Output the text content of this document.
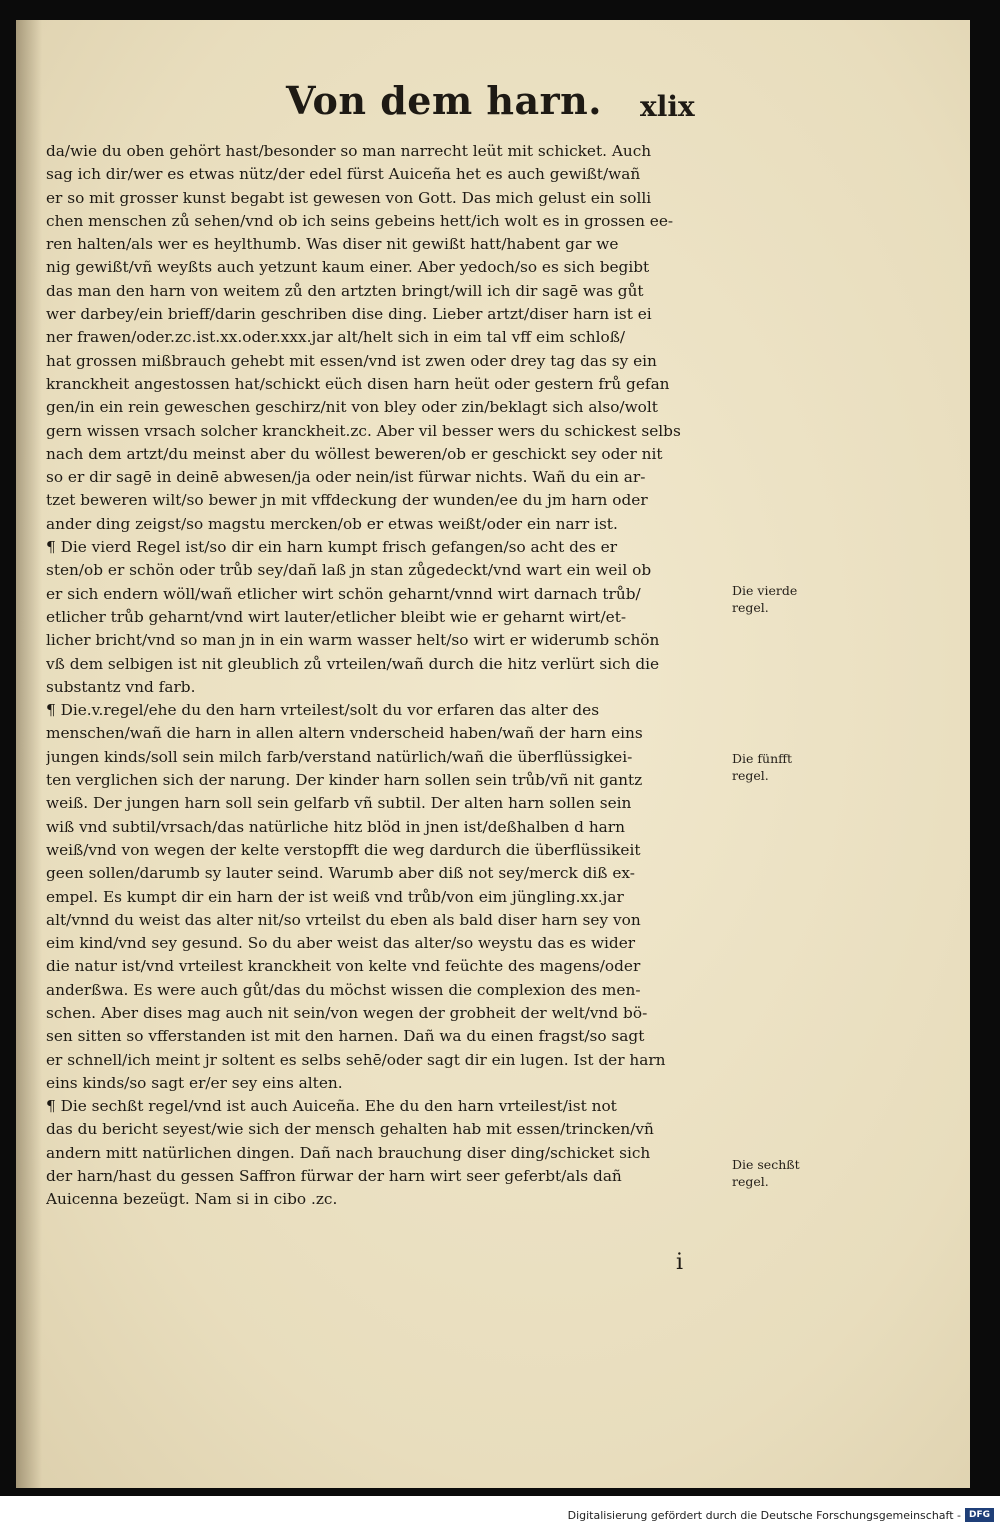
Von dem harn. xlix
da/wie du oben gehört hast/besonder so man narrecht leüt mit schicket. Auch
sag ich dir/wer es etwas nütz/der edel fürst Auiceña het es auch gewißt/wañ
er so mit grosser kunst begabt ist gewesen von Gott. Das mich gelust ein solli
chen menschen zů sehen/vnd ob ich seins gebeins hett/ich wolt es in grossen ee-
ren halten/als wer es heylthumb. Was diser nit gewißt hatt/habent gar we
nig gewißt/vñ weyßts auch yetzunt kaum einer. Aber yedoch/so es sich begibt
das man den harn von weitem zů den artzten bringt/will ich dir sagē was gůt
wer darbey/ein brieff/darin geschriben dise ding. Lieber artzt/diser harn ist ei
ner frawen/oder.zc.ist.xx.oder.xxx.jar alt/helt sich in eim tal vff eim schloß/
hat grossen mißbrauch gehebt mit essen/vnd ist zwen oder drey tag das sy ein
kranckheit angestossen hat/schickt eüch disen harn heüt oder gestern frů gefan
gen/in ein rein geweschen geschirz/nit von bley oder zin/beklagt sich also/wolt
gern wissen vrsach solcher kranckheit.zc. Aber vil besser wers du schickest selbs
nach dem artzt/du meinst aber du wöllest beweren/ob er geschickt sey oder nit
so er dir sagē in deinē abwesen/ja oder nein/ist fürwar nichts. Wañ du ein ar-
tzet beweren wilt/so bewer jn mit vffdeckung der wunden/ee du jm harn oder
ander ding zeigst/so magstu mercken/ob er etwas weißt/oder ein narr ist.
¶ Die vierd Regel ist/so dir ein harn kumpt frisch gefangen/so acht des er
sten/ob er schön oder trůb sey/dañ laß jn stan zůgedeckt/vnd wart ein weil ob
er sich endern wöll/wañ etlicher wirt schön geharnt/vnnd wirt darnach trůb/
etlicher trůb geharnt/vnd wirt lauter/etlicher bleibt wie er geharnt wirt/et-
licher bricht/vnd so man jn in ein warm wasser helt/so wirt er widerumb schön
vß dem selbigen ist nit gleublich zů vrteilen/wañ durch die hitz verlürt sich die
substantz vnd farb.
¶ Die.v.regel/ehe du den harn vrteilest/solt du vor erfaren das alter des
menschen/wañ die harn in allen altern vnderscheid haben/wañ der harn eins
jungen kinds/soll sein milch farb/verstand natürlich/wañ die überflüssigkei-
ten verglichen sich der narung. Der kinder harn sollen sein trůb/vñ nit gantz
weiß. Der jungen harn soll sein gelfarb vñ subtil. Der alten harn sollen sein
wiß vnd subtil/vrsach/das natürliche hitz blöd in jnen ist/deßhalben d harn
weiß/vnd von wegen der kelte verstopfft die weg dardurch die überflüssikeit
geen sollen/darumb sy lauter seind. Warumb aber diß not sey/merck diß ex-
empel. Es kumpt dir ein harn der ist weiß vnd trůb/von eim jüngling.xx.jar
alt/vnnd du weist das alter nit/so vrteilst du eben als bald diser harn sey von
eim kind/vnd sey gesund. So du aber weist das alter/so weystu das es wider
die natur ist/vnd vrteilest kranckheit von kelte vnd feüchte des magens/oder
anderßwa. Es were auch gůt/das du möchst wissen die complexion des men-
schen. Aber dises mag auch nit sein/von wegen der grobheit der welt/vnd bö-
sen sitten so vfferstanden ist mit den harnen. Dañ wa du einen fragst/so sagt
er schnell/ich meint jr soltent es selbs sehē/oder sagt dir ein lugen. Ist der harn
eins kinds/so sagt er/er sey eins alten.
¶ Die sechßt regel/vnd ist auch Auiceña. Ehe du den harn vrteilest/ist not
das du bericht seyest/wie sich der mensch gehalten hab mit essen/trincken/vñ
andern mitt natürlichen dingen. Dañ nach brauchung diser ding/schicket sich
der harn/hast du gessen Saffron fürwar der harn wirt seer geferbt/als dañ
Auicenna bezeügt. Nam si in cibo .zc.
Die vierde
regel.
Die fünfft
regel.
Die sechßt
regel.
i
Digitalisierung gefördert durch die Deutsche Forschungsgemeinschaft - DFG
